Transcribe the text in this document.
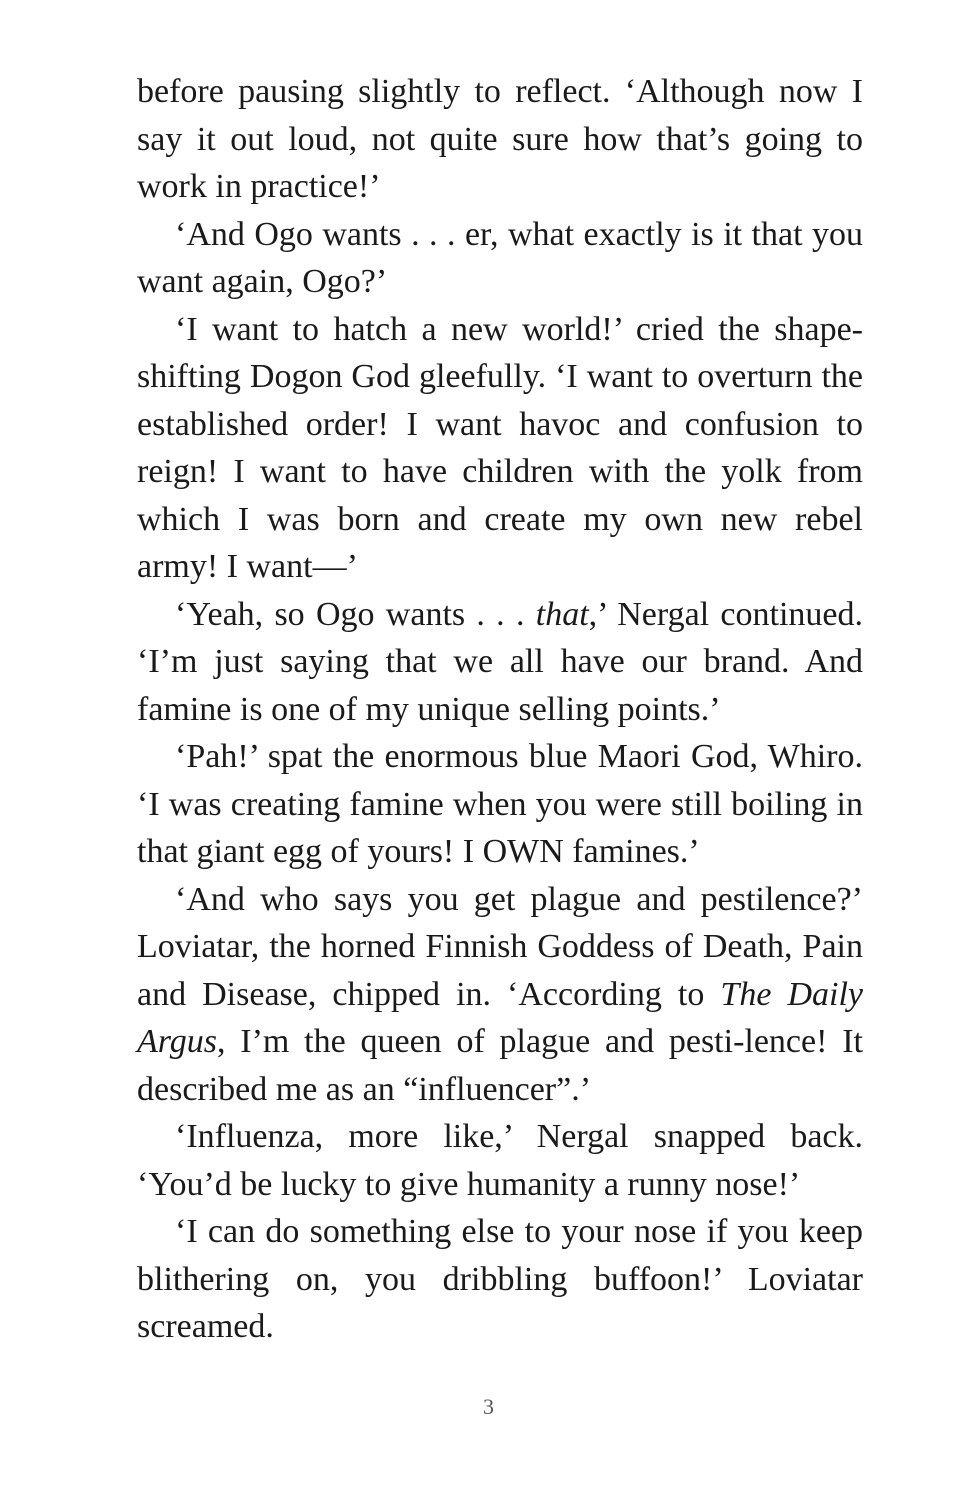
before pausing slightly to reflect. ‘Although now I say it out loud, not quite sure how that’s going to work in practice!’

‘And Ogo wants . . . er, what exactly is it that you want again, Ogo?’

‘I want to hatch a new world!’ cried the shape-shifting Dogon God gleefully. ‘I want to overturn the established order! I want havoc and confusion to reign! I want to have children with the yolk from which I was born and create my own new rebel army! I want—’

‘Yeah, so Ogo wants . . . that,’ Nergal continued. ‘I’m just saying that we all have our brand. And famine is one of my unique selling points.’

‘Pah!’ spat the enormous blue Maori God, Whiro. ‘I was creating famine when you were still boiling in that giant egg of yours! I OWN famines.’

‘And who says you get plague and pestilence?’ Loviatar, the horned Finnish Goddess of Death, Pain and Disease, chipped in. ‘According to The Daily Argus, I’m the queen of plague and pesti-lence! It described me as an “influencer”.’

‘Influenza, more like,’ Nergal snapped back. ‘You’d be lucky to give humanity a runny nose!’

‘I can do something else to your nose if you keep blithering on, you dribbling buffoon!’ Loviatar screamed.

3
